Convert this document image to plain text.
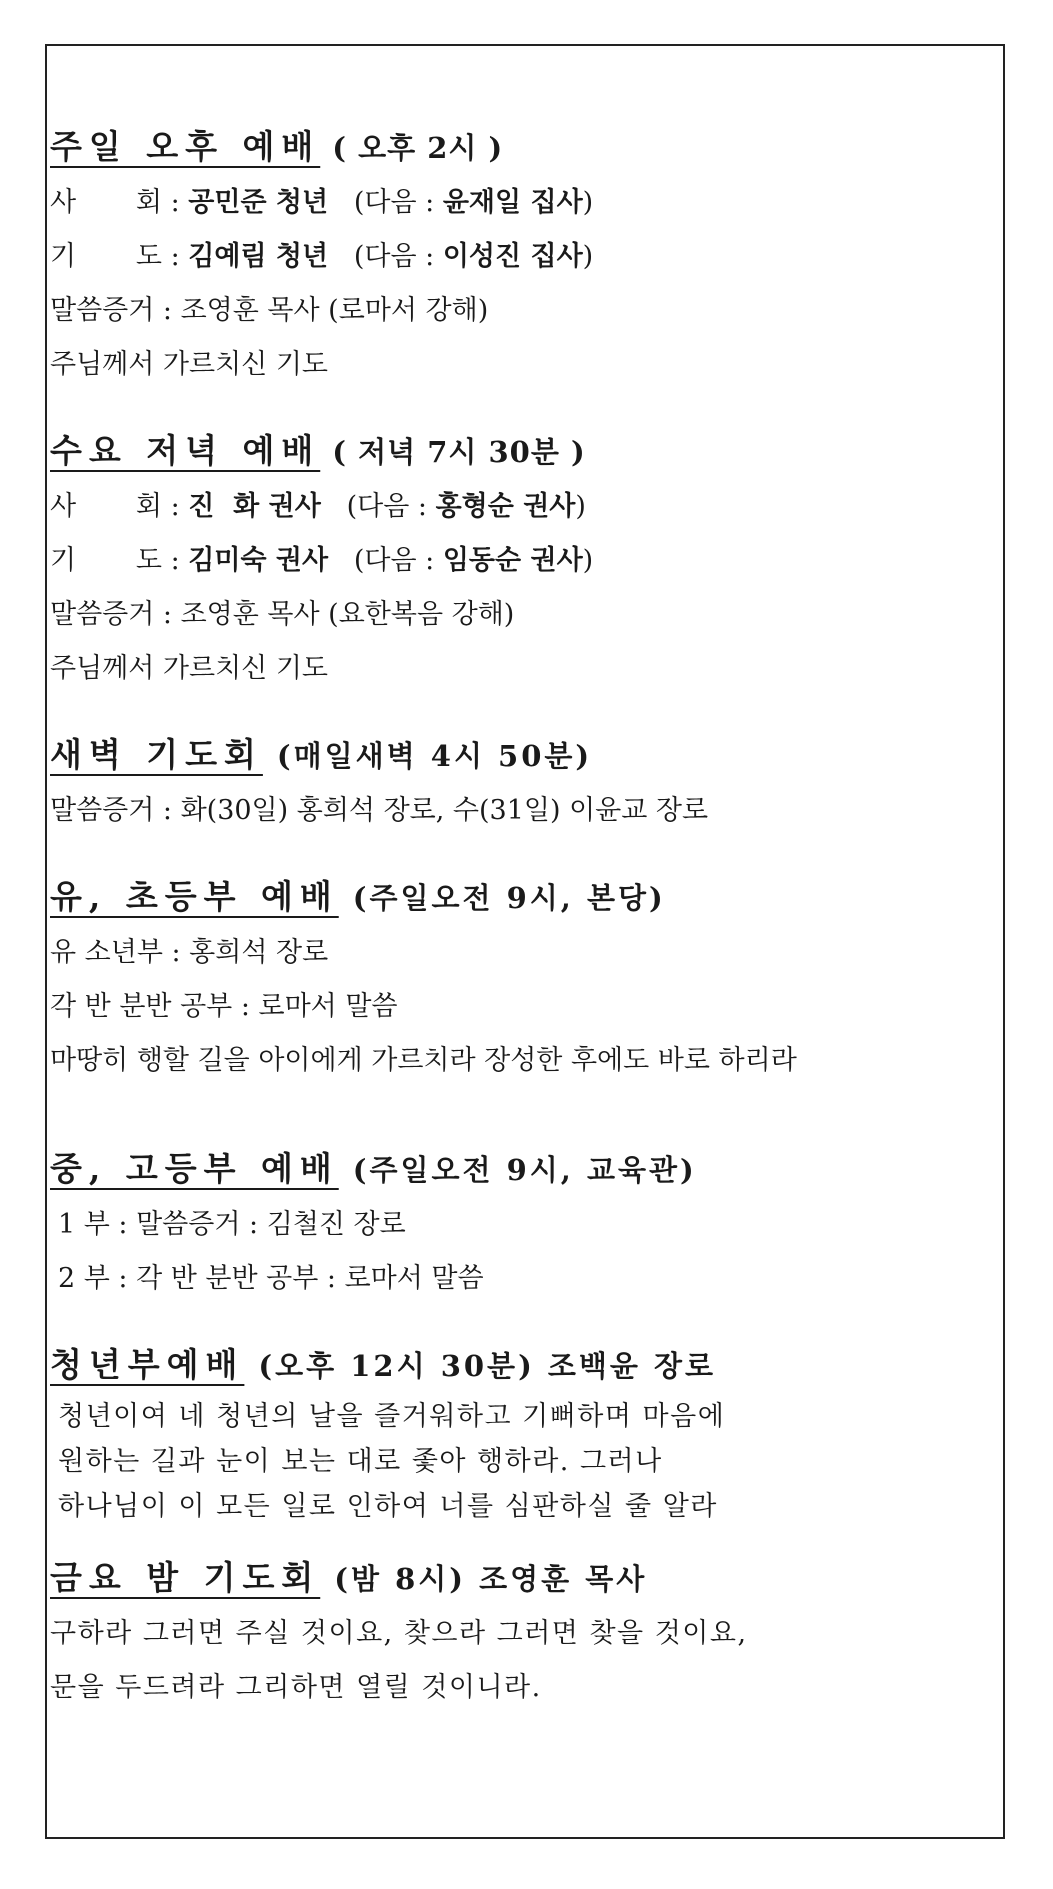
주일 오후 예배 ( 오후 2시 )
사 회 : 공민준 청년 (다음 : 윤재일 집사)
기 도 : 김예림 청년 (다음 : 이성진 집사)
말씀증거 : 조영훈 목사 (로마서 강해)
주님께서 가르치신 기도
수요 저녁 예배 ( 저녁 7시 30분 )
사 회 : 진  화 권사 (다음 : 홍형순 권사)
기 도 : 김미숙 권사 (다음 : 임동순 권사)
말씀증거 : 조영훈 목사 (요한복음 강해)
주님께서 가르치신 기도
새벽 기도회 (매일새벽 4시 50분)
말씀증거 : 화(30일) 홍희석 장로, 수(31일) 이윤교 장로
유, 초등부 예배 (주일오전 9시, 본당)
유 소년부 : 홍희석 장로
각 반 분반 공부 : 로마서 말씀
마땅히 행할 길을 아이에게 가르치라 장성한 후에도 바로 하리라
중, 고등부 예배 (주일오전 9시, 교육관)
1 부 : 말씀증거 : 김철진 장로
2 부 : 각 반 분반 공부 : 로마서 말씀
청년부예배 (오후 12시 30분) 조백윤 장로
청년이여 네 청년의 날을 즐거워하고 기뻐하며 마음에
원하는 길과 눈이 보는 대로 좇아 행하라. 그러나
하나님이 이 모든 일로 인하여 너를 심판하실 줄 알라
금요 밤 기도회 (밤 8시) 조영훈 목사
구하라 그러면 주실 것이요, 찾으라 그러면 찾을 것이요,
문을 두드려라 그리하면 열릴 것이니라.
